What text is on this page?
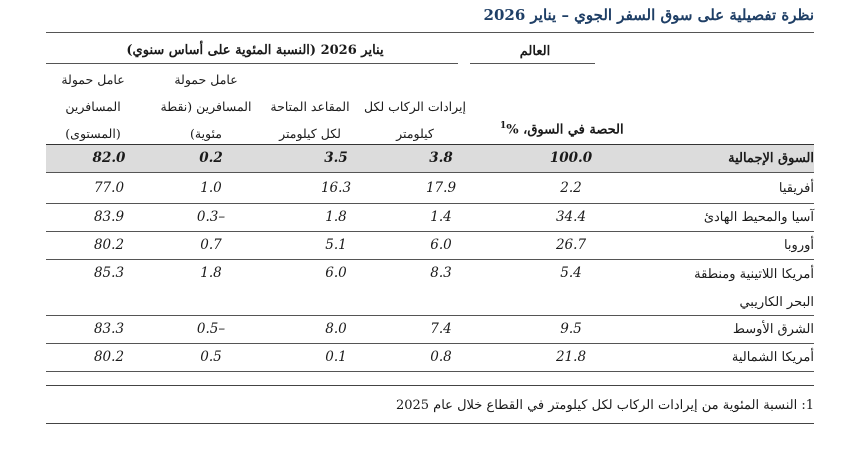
نظرة تفصيلية على سوق السفر الجوي – يناير 2026
العالم
يناير 2026 (النسبة المئوية على أساس سنوي)
عامل حمولة
المسافرين
(المستوى)
عامل حمولة
المسافرين (نقطة
مئوية)
المقاعد المتاحة
لكل كيلومتر
إيرادات الركاب لكل
كيلومتر	الحصة في السوق، %$^1$
السوق الإجمالية
100.0
3.8
3.5
0.2
82.0
أفريقيا
2.2
17.9
16.3
1.0
77.0
آسيا والمحيط الهادئ
34.4
1.4
1.8
–0.3
83.9
أوروبا
26.7
6.0
5.1
0.7
80.2
أمريكا اللاتينية ومنطقة
البحر الكاريبي
5.4
8.3
6.0
1.8
85.3
الشرق الأوسط
9.5
7.4
8.0
–0.5
83.3
أمريكا الشمالية
21.8
0.8
0.1
0.5
80.2
1: النسبة المئوية من إيرادات الركاب لكل كيلومتر في القطاع خلال عام 2025
